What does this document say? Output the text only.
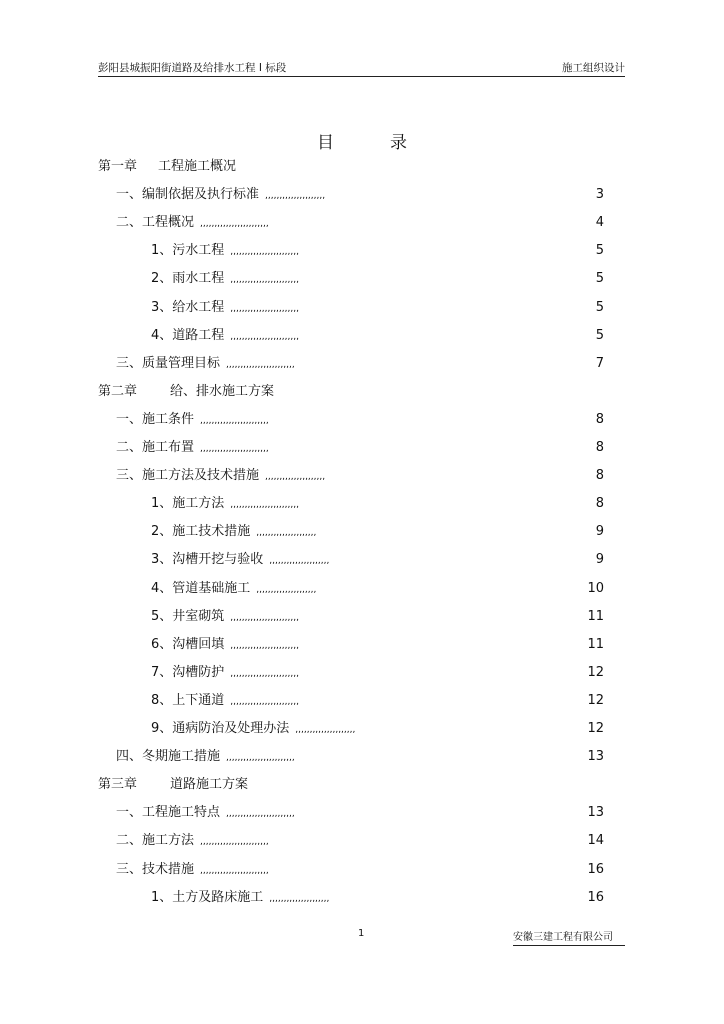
彭阳县城振阳街道路及给排水工程 I 标段	施工组织设计
目	录
第一章 工程施工概况
一、编制依据及执行标准 ,,,,,,,,,,,,,,,,,,,,,	3
二、工程概况 ,,,,,,,,,,,,,,,,,,,,,,,,	4
1、污水工程 ,,,,,,,,,,,,,,,,,,,,,,,,	5
2、雨水工程 ,,,,,,,,,,,,,,,,,,,,,,,,	5
3、给水工程 ,,,,,,,,,,,,,,,,,,,,,,,,	5
4、道路工程 ,,,,,,,,,,,,,,,,,,,,,,,,	5
三、质量管理目标 ,,,,,,,,,,,,,,,,,,,,,,,,	7
第二章	给、排水施工方案
一、施工条件 ,,,,,,,,,,,,,,,,,,,,,,,,	8
二、施工布置 ,,,,,,,,,,,,,,,,,,,,,,,,	8
三、施工方法及技术措施 ,,,,,,,,,,,,,,,,,,,,,	8
1、施工方法 ,,,,,,,,,,,,,,,,,,,,,,,,	8
2、施工技术措施 ,,,,,,,,,,,,,,,,,,,,,	9
3、沟槽开挖与验收 ,,,,,,,,,,,,,,,,,,,,,	9
4、管道基础施工 ,,,,,,,,,,,,,,,,,,,,,	10
5、井室砌筑 ,,,,,,,,,,,,,,,,,,,,,,,,	11
6、沟槽回填 ,,,,,,,,,,,,,,,,,,,,,,,,	11
7、沟槽防护 ,,,,,,,,,,,,,,,,,,,,,,,,	12
8、上下通道 ,,,,,,,,,,,,,,,,,,,,,,,,	12
9、通病防治及处理办法 ,,,,,,,,,,,,,,,,,,,,,	12
四、冬期施工措施 ,,,,,,,,,,,,,,,,,,,,,,,,	13
第三章	道路施工方案
一、工程施工特点 ,,,,,,,,,,,,,,,,,,,,,,,,	13
二、施工方法 ,,,,,,,,,,,,,,,,,,,,,,,,	14
三、技术措施 ,,,,,,,,,,,,,,,,,,,,,,,,	16
1、土方及路床施工 ,,,,,,,,,,,,,,,,,,,,,	16
1	安徽三建工程有限公司
